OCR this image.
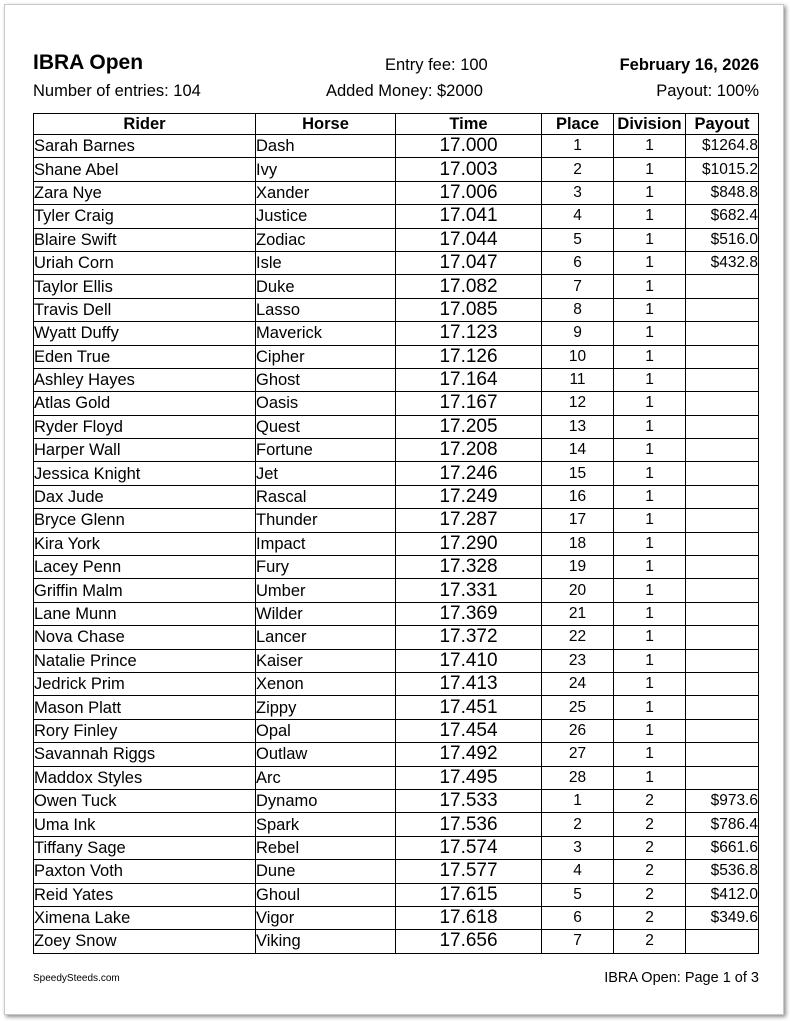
IBRA Open
Number of entries: 104
Entry fee: 100
Added Money: $2000
February 16, 2026
Payout: 100%
Rider	Horse	Time	Place	Division	Payout
Sarah Barnes	Dash	17.000	1	1	$1264.8
Shane Abel	Ivy	17.003	2	1	$1015.2
Zara Nye	Xander	17.006	3	1	$848.8
Tyler Craig	Justice	17.041	4	1	$682.4
Blaire Swift	Zodiac	17.044	5	1	$516.0
Uriah Corn	Isle	17.047	6	1	$432.8
Taylor Ellis	Duke	17.082	7	1	
Travis Dell	Lasso	17.085	8	1	
Wyatt Duffy	Maverick	17.123	9	1	
Eden True	Cipher	17.126	10	1	
Ashley Hayes	Ghost	17.164	11	1	
Atlas Gold	Oasis	17.167	12	1	
Ryder Floyd	Quest	17.205	13	1	
Harper Wall	Fortune	17.208	14	1	
Jessica Knight	Jet	17.246	15	1	
Dax Jude	Rascal	17.249	16	1	
Bryce Glenn	Thunder	17.287	17	1	
Kira York	Impact	17.290	18	1	
Lacey Penn	Fury	17.328	19	1	
Griffin Malm	Umber	17.331	20	1	
Lane Munn	Wilder	17.369	21	1	
Nova Chase	Lancer	17.372	22	1	
Natalie Prince	Kaiser	17.410	23	1	
Jedrick Prim	Xenon	17.413	24	1	
Mason Platt	Zippy	17.451	25	1	
Rory Finley	Opal	17.454	26	1	
Savannah Riggs	Outlaw	17.492	27	1	
Maddox Styles	Arc	17.495	28	1	
Owen Tuck	Dynamo	17.533	1	2	$973.6
Uma Ink	Spark	17.536	2	2	$786.4
Tiffany Sage	Rebel	17.574	3	2	$661.6
Paxton Voth	Dune	17.577	4	2	$536.8
Reid Yates	Ghoul	17.615	5	2	$412.0
Ximena Lake	Vigor	17.618	6	2	$349.6
Zoey Snow	Viking	17.656	7	2	
SpeedySteeds.com	IBRA Open: Page 1 of 3
